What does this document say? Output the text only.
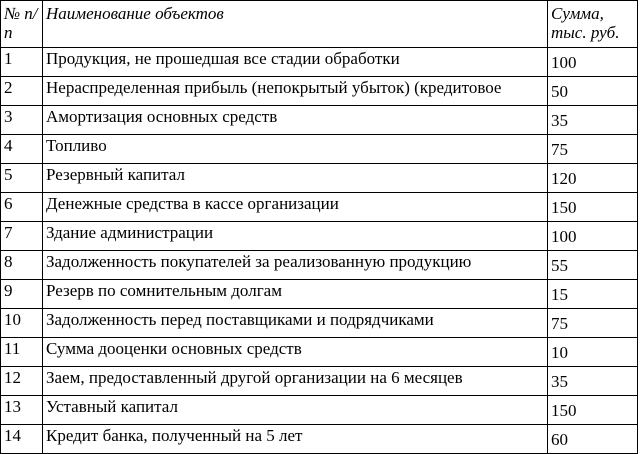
№ п/п	Наименование объектов	Сумма, тыс. руб.
1	Продукция, не прошедшая все стадии обработки	100
2	Нераспределенная прибыль (непокрытый убыток) (кредитовое	50
3	Амортизация основных средств	35
4	Топливо	75
5	Резервный капитал	120
6	Денежные средства в кассе организации	150
7	Здание администрации	100
8	Задолженность покупателей за реализованную продукцию	55
9	Резерв по сомнительным долгам	15
10	Задолженность перед поставщиками и подрядчиками	75
11	Сумма дооценки основных средств	10
12	Заем, предоставленный другой организации на 6 месяцев	35
13	Уставный капитал	150
14	Кредит банка, полученный на 5 лет	60
